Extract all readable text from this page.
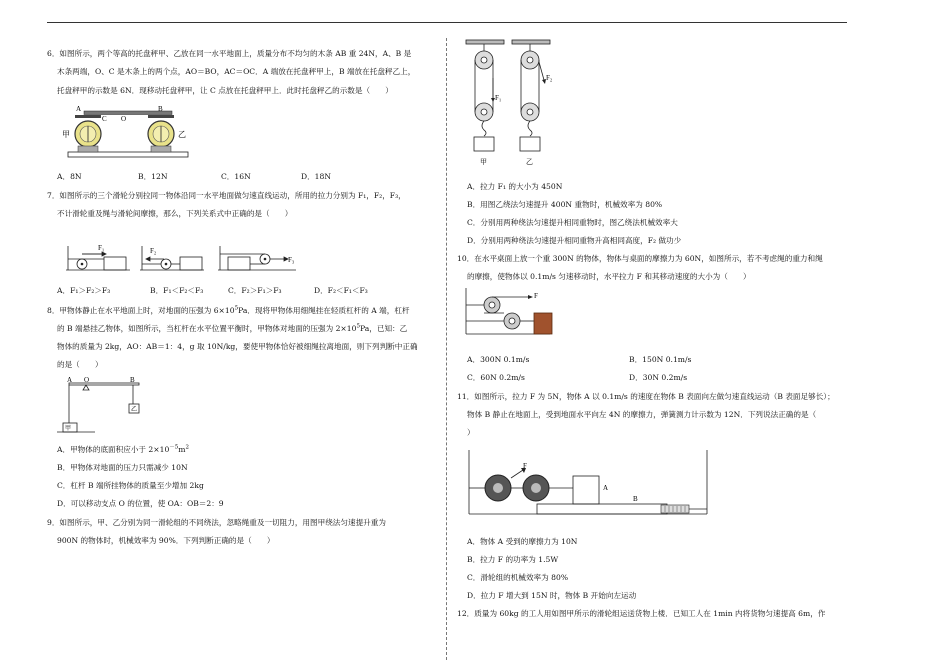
6．如图所示，两个等高的托盘秤甲、乙放在同一水平地面上，质量分布不均匀的木条 AB 重 24N，A、B 是
木条两端，O、C 是木条上的两个点，AO＝BO，AC＝OC．A 端放在托盘秤甲上，B 端放在托盘秤乙上，
托盘秤甲的示数是 6N．现移动托盘秤甲，让 C 点放在托盘秤甲上．此时托盘秤乙的示数是（　　）
A
C O
B
甲	乙
A．8N	B．12N	C．16N	D．18N
7．如图所示的三个滑轮分别拉同一物体沿同一水平地面做匀速直线运动，所用的拉力分别为 F₁，F₂，F₃，
不计滑轮重及绳与滑轮间摩擦，那么，下列关系式中正确的是（　　）
F₁	F₂
F₃
A．F₁＞F₂＞F₃	B．F₁＜F₂＜F₃	C．F₂＞F₁＞F₃	D．F₂＜F₁＜F₃
8．甲物体静止在水平地面上时，对地面的压强为 $6\times 10^5Pa$．现将甲物体用细绳挂在轻质杠杆的 A 端，杠杆
的 B 端悬挂乙物体，如图所示，当杠杆在水平位置平衡时，甲物体对地面的压强为 $2\times 10^5Pa$，已知：乙
物体的质量为 2kg，AO：AB＝1：4，g 取 10N/kg，要使甲物体恰好被细绳拉离地面，则下列判断中正确
的是（　　）
A O	B
甲
乙
A．甲物体的底面积应小于 $2\times 10^{-5}m^2$
B．甲物体对地面的压力只需减少 10N
C．杠杆 B 端所挂物体的质量至少增加 2kg
D．可以移动支点 O 的位置，使 OA：OB＝2：9
9．如图所示，甲、乙分别为同一滑轮组的不同绕法，忽略绳重及一切阻力，用图甲绕法匀速提升重为
900N 的物体时，机械效率为 90%．下列判断正确的是（　　）
F₁
F₂
甲	乙
A．拉力 F₁ 的大小为 450N
B．用图乙绕法匀速提升 400N 重物时，机械效率为 80%
C．分别用两种绕法匀速提升相同重物时，图乙绕法机械效率大
D．分别用两种绕法匀速提升相同重物升高相同高度，F₂ 做功少
10．在水平桌面上放一个重 300N 的物体，物体与桌面的摩擦力为 60N，如图所示，若不考虑绳的重力和绳
的摩擦，使物体以 0.1m/s 匀速移动时，水平拉力 F 和其移动速度的大小为（　　）
F
A．300N 0.1m/s	B．150N 0.1m/s
C．60N 0.2m/s	D．30N 0.2m/s
11．如图所示，拉力 F 为 5N，物体 A 以 0.1m/s 的速度在物体 B 表面向左做匀速直线运动（B 表面足够长）；
物体 B 静止在地面上，受到地面水平向左 4N 的摩擦力，弹簧测力计示数为 12N．下列说法正确的是（
）
F
A
B
A．物体 A 受到的摩擦力为 10N
B．拉力 F 的功率为 1.5W
C．滑轮组的机械效率为 80%
D．拉力 F 增大到 15N 时，物体 B 开始向左运动
12．质量为 60kg 的工人用如图甲所示的滑轮组运送货物上楼．已知工人在 1min 内将货物匀速提高 6m，作
